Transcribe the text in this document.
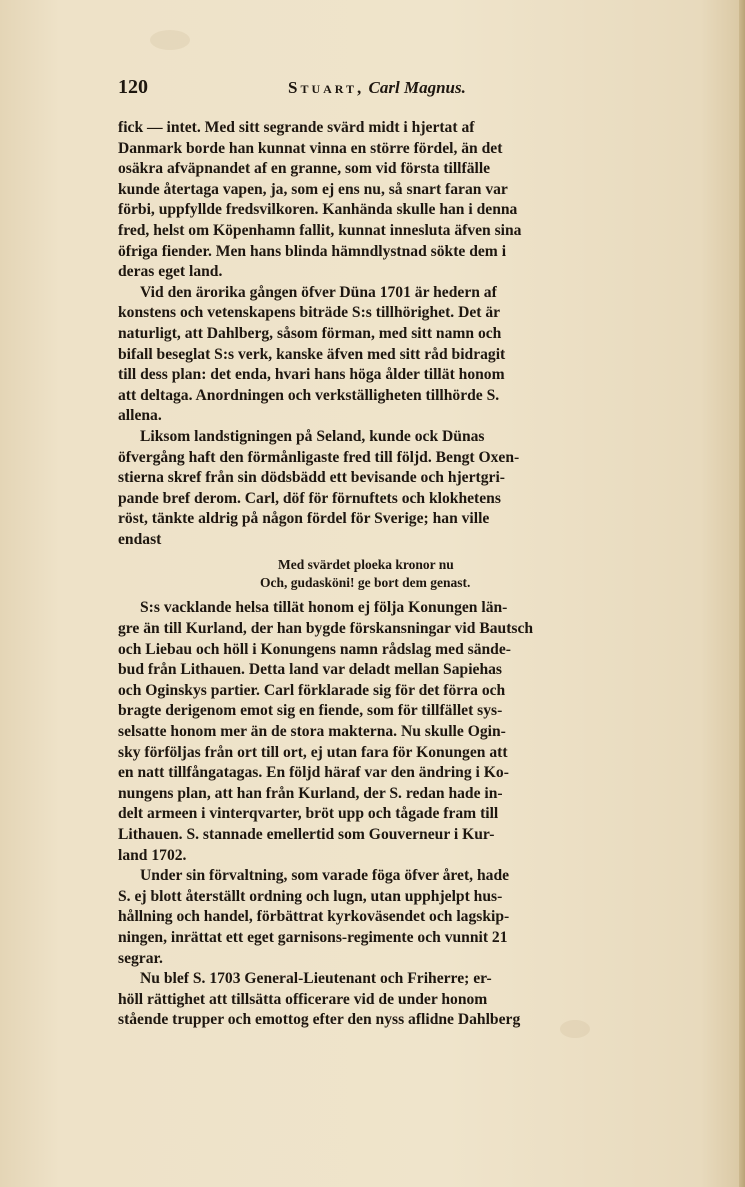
120	Stuart, Carl Magnus.
fick — intet. Med sitt segrande svärd midt i hjertat af
Danmark borde han kunnat vinna en större fördel, än det
osäkra afväpnandet af en granne, som vid första tillfälle
kunde återtaga vapen, ja, som ej ens nu, så snart faran var
förbi, uppfyllde fredsvilkoren. Kanhända skulle han i denna
fred, helst om Köpenhamn fallit, kunnat innesluta äfven sina
öfriga fiender. Men hans blinda hämndlystnad sökte dem i
deras eget land.
Vid den ärorika gången öfver Düna 1701 är hedern af
konstens och vetenskapens biträde S:s tillhörighet. Det är
naturligt, att Dahlberg, såsom förman, med sitt namn och
bifall beseglat S:s verk, kanske äfven med sitt råd bidragit
till dess plan: det enda, hvari hans höga ålder tillät honom
att deltaga. Anordningen och verkställigheten tillhörde S.
allena.
Liksom landstigningen på Seland, kunde ock Dünas
öfvergång haft den förmånligaste fred till följd. Bengt Oxen-
stierna skref från sin dödsbädd ett bevisande och hjertgri-
pande bref derom. Carl, döf för förnuftets och klokhetens
röst, tänkte aldrig på någon fördel för Sverige; han ville
endast
Med svärdet ploeka kronor nu
Och, gudasköni! ge bort dem genast.
S:s vacklande helsa tillät honom ej följa Konungen län-
gre än till Kurland, der han bygde förskansningar vid Bautsch
och Liebau och höll i Konungens namn rådslag med sände-
bud från Lithauen. Detta land var deladt mellan Sapiehas
och Oginskys partier. Carl förklarade sig för det förra och
bragte derigenom emot sig en fiende, som för tillfället sys-
selsatte honom mer än de stora makterna. Nu skulle Ogin-
sky förföljas från ort till ort, ej utan fara för Konungen att
en natt tillfångatagas. En följd häraf var den ändring i Ko-
nungens plan, att han från Kurland, der S. redan hade in-
delt armeen i vinterqvarter, bröt upp och tågade fram till
Lithauen. S. stannade emellertid som Gouverneur i Kur-
land 1702.
Under sin förvaltning, som varade föga öfver året, hade
S. ej blott återställt ordning och lugn, utan upphjelpt hus-
hållning och handel, förbättrat kyrkoväsendet och lagskip-
ningen, inrättat ett eget garnisons-regimente och vunnit 21
segrar.
Nu blef S. 1703 General-Lieutenant och Friherre; er-
höll rättighet att tillsätta officerare vid de under honom
stående trupper och emottog efter den nyss aflidne Dahlberg
